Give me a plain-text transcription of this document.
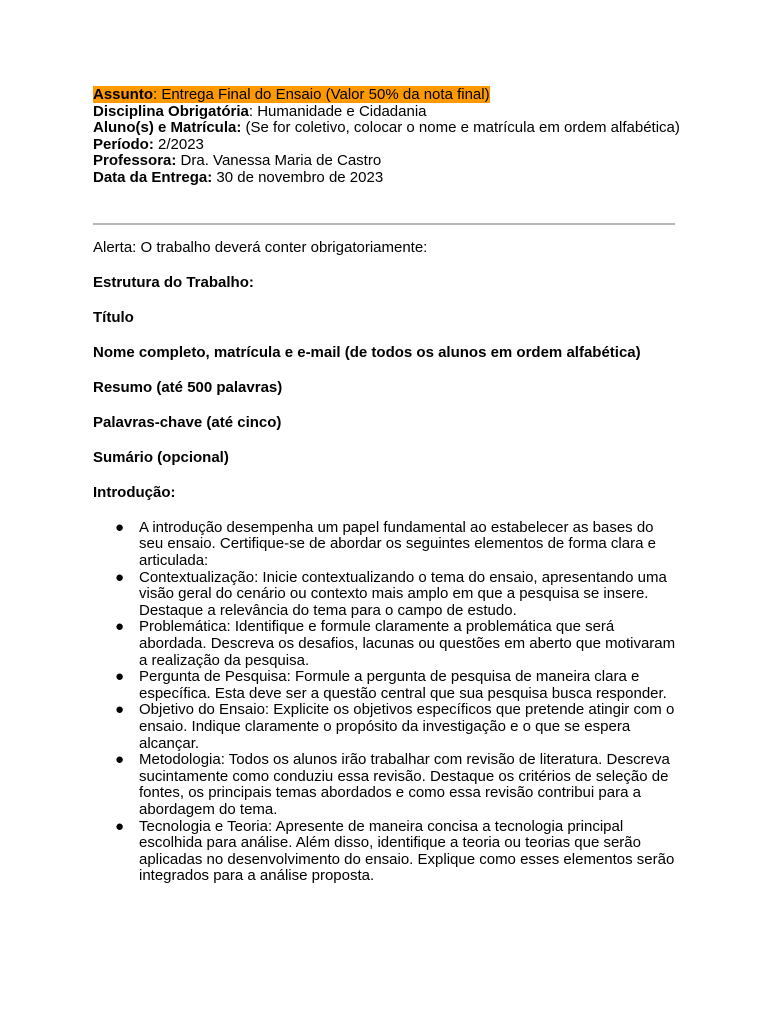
Assunto: Entrega Final do Ensaio (Valor 50% da nota final)

Disciplina Obrigatória: Humanidade e Cidadania

Aluno(s) e Matrícula: (Se for coletivo, colocar o nome e matrícula em ordem alfabética)

Período: 2/2023

Professora: Dra. Vanessa Maria de Castro

Data da Entrega: 30 de novembro de 2023

Alerta: O trabalho deverá conter obrigatoriamente:

Estrutura do Trabalho:

Título

Nome completo, matrícula e e-mail (de todos os alunos em ordem alfabética)

Resumo (até 500 palavras)

Palavras-chave (até cinco)

Sumário (opcional)

Introdução:

● A introdução desempenha um papel fundamental ao estabelecer as bases do seu ensaio. Certifique-se de abordar os seguintes elementos de forma clara e articulada:
● Contextualização: Inicie contextualizando o tema do ensaio, apresentando uma visão geral do cenário ou contexto mais amplo em que a pesquisa se insere. Destaque a relevância do tema para o campo de estudo.
● Problemática: Identifique e formule claramente a problemática que será abordada. Descreva os desafios, lacunas ou questões em aberto que motivaram a realização da pesquisa.
● Pergunta de Pesquisa: Formule a pergunta de pesquisa de maneira clara e específica. Esta deve ser a questão central que sua pesquisa busca responder.
● Objetivo do Ensaio: Explicite os objetivos específicos que pretende atingir com o ensaio. Indique claramente o propósito da investigação e o que se espera alcançar.
● Metodologia: Todos os alunos irão trabalhar com revisão de literatura. Descreva sucintamente como conduziu essa revisão. Destaque os critérios de seleção de fontes, os principais temas abordados e como essa revisão contribui para a abordagem do tema.
● Tecnologia e Teoria: Apresente de maneira concisa a tecnologia principal escolhida para análise. Além disso, identifique a teoria ou teorias que serão aplicadas no desenvolvimento do ensaio. Explique como esses elementos serão integrados para a análise proposta.
